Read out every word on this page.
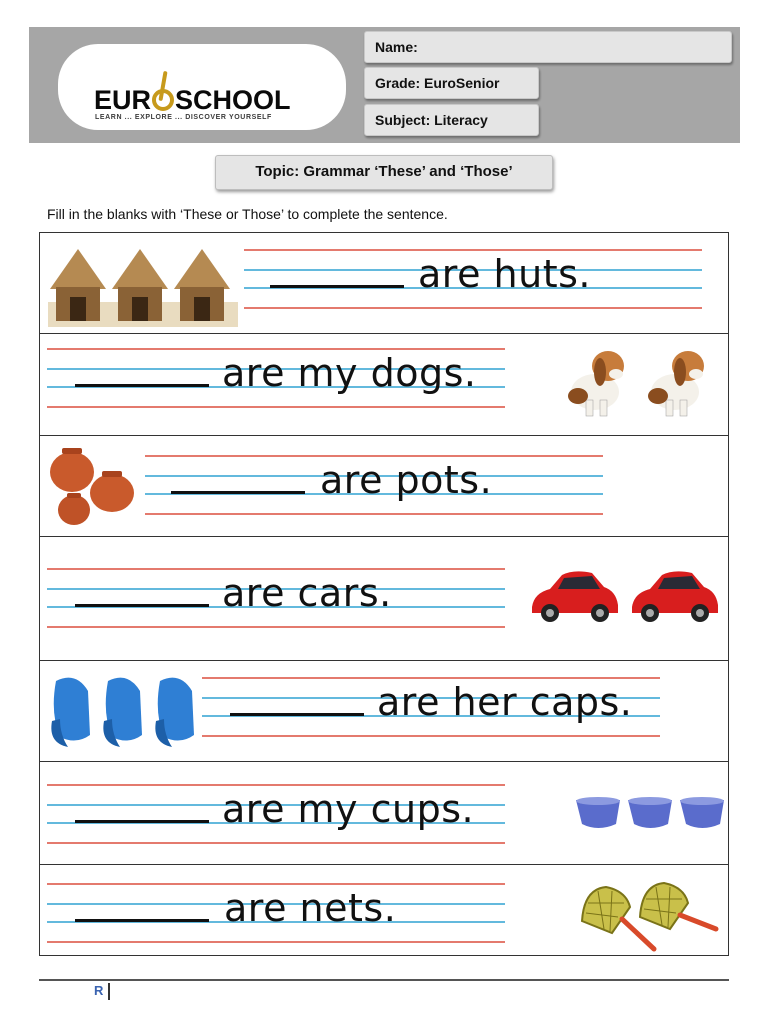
EUR SCHOOL
LEARN ... EXPLORE ... DISCOVER YOURSELF
Name:
Grade: EuroSenior
Subject: Literacy
Topic: Grammar ‘These’ and ‘Those’
Fill in the blanks with ‘These or Those’ to complete the sentence.
are huts.
are my dogs.
are pots.
are cars.
are her caps.
are my cups.
are nets.
R
